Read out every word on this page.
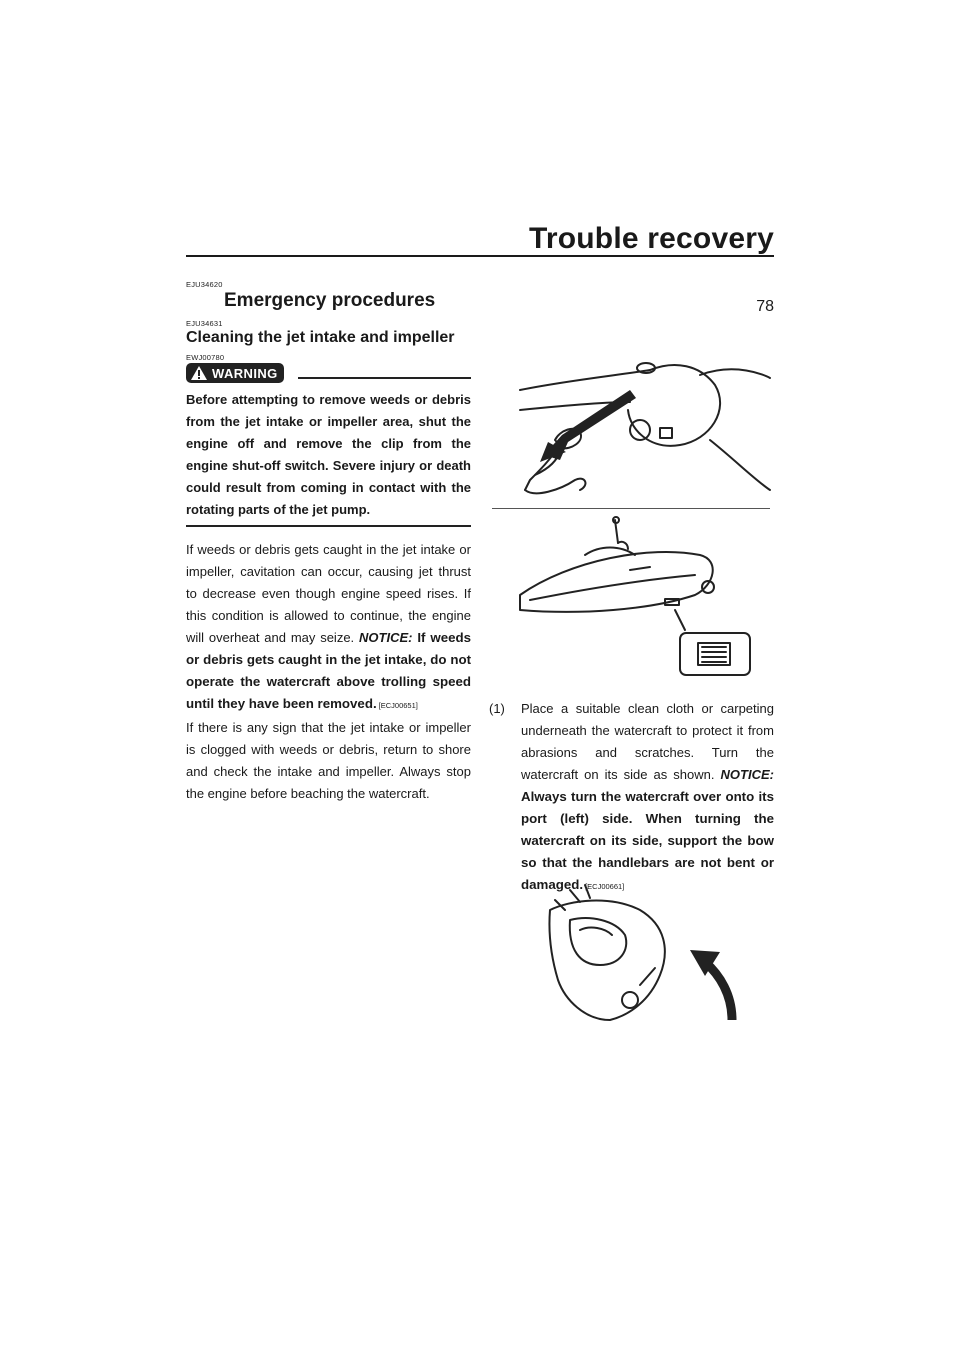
Trouble recovery
78
EJU34620
Emergency procedures
EJU34631
Cleaning the jet intake and impeller
EWJ00780
WARNING

Before attempting to remove weeds or debris from the jet intake or impeller area, shut the engine off and remove the clip from the engine shut-off switch. Severe injury or death could result from coming in contact with the rotating parts of the jet pump.

If weeds or debris gets caught in the jet intake or impeller, cavitation can occur, causing jet thrust to decrease even though engine speed rises. If this condition is allowed to continue, the engine will overheat and may seize. NOTICE: If weeds or debris gets caught in the jet intake, do not operate the watercraft above trolling speed until they have been removed. [ECJ00651]

If there is any sign that the jet intake or impeller is clogged with weeds or debris, return to shore and check the intake and impeller. Always stop the engine before beaching the watercraft.

(1)	Place a suitable clean cloth or carpeting underneath the watercraft to protect it from abrasions and scratches. Turn the watercraft on its side as shown. NOTICE: Always turn the watercraft over onto its port (left) side. When turning the watercraft on its side, support the bow so that the handlebars are not bent or damaged. [ECJ00661]
